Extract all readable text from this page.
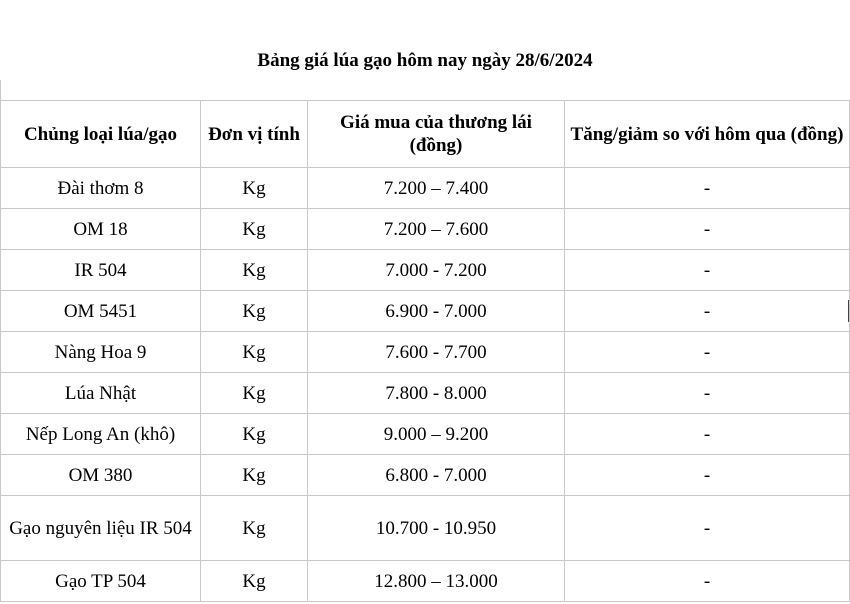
Bảng giá lúa gạo hôm nay ngày 28/6/2024
Chủng loại lúa/gạo	Đơn vị tính	Giá mua của thương lái (đồng)	Tăng/giảm so với hôm qua (đồng)
Đài thơm 8	Kg	7.200 – 7.400	-
OM 18	Kg	7.200 – 7.600	-
IR 504	Kg	7.000 - 7.200	-
OM 5451	Kg	6.900 - 7.000	-
Nàng Hoa 9	Kg	7.600 - 7.700	-
Lúa Nhật	Kg	7.800 - 8.000	-
Nếp Long An (khô)	Kg	9.000 – 9.200	-
OM 380	Kg	6.800 - 7.000	-
Gạo nguyên liệu IR 504	Kg	10.700 - 10.950	-
Gạo TP 504	Kg	12.800 – 13.000	-
